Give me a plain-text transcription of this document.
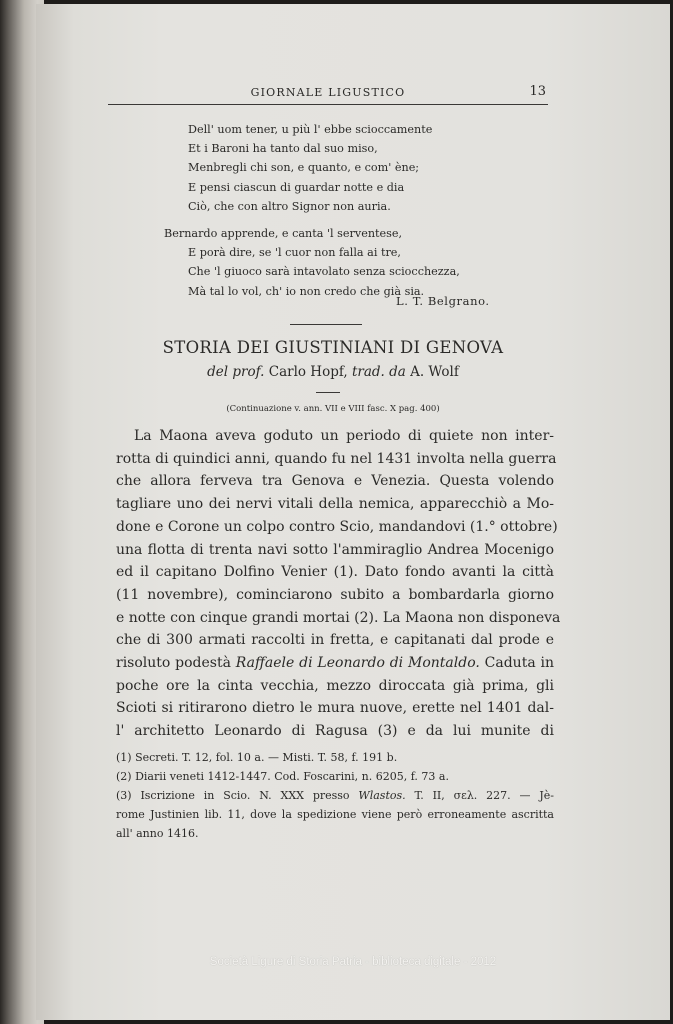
GIORNALE LIGUSTICO	13
Dell' uom tener, u più l' ebbe scioccamente
Et i Baroni ha tanto dal suo miso,
Menbregli chi son, e quanto, e com' ène;
E pensi ciascun di guardar notte e dia
Ciò, che con altro Signor non auria.
Bernardo apprende, e canta 'l serventese,
E porà dire, se 'l cuor non falla ai tre,
Che 'l giuoco sarà intavolato senza sciocchezza,
Mà tal lo vol, ch' io non credo che già sia.
L. T. Belgrano.
STORIA DEI GIUSTINIANI DI GENOVA
del prof. Carlo Hopf, trad. da A. Wolf
(Continuazione v. ann. VII e VIII fasc. X pag. 400)
La Maona aveva goduto un periodo di quiete non inter-
rotta di quindici anni, quando fu nel 1431 involta nella guerra
che allora ferveva tra Genova e Venezia. Questa volendo
tagliare uno dei nervi vitali della nemica, apparecchiò a Mo-
done e Corone un colpo contro Scio, mandandovi (1.° ottobre)
una flotta di trenta navi sotto l'ammiraglio Andrea Mocenigo
ed il capitano Dolfino Venier (1). Dato fondo avanti la città
(11 novembre), cominciarono subito a bombardarla giorno
e notte con cinque grandi mortai (2). La Maona non disponeva
che di 300 armati raccolti in fretta, e capitanati dal prode e
risoluto podestà Raffaele di Leonardo di Montaldo. Caduta in
poche ore la cinta vecchia, mezzo diroccata già prima, gli
Scioti si ritirarono dietro le mura nuove, erette nel 1401 dal-
l' architetto Leonardo di Ragusa (3) e da lui munite di
(1) Secreti. T. 12, fol. 10 a. — Misti. T. 58, f. 191 b.
(2) Diarii veneti 1412-1447. Cod. Foscarini, n. 6205, f. 73 a.
(3) Iscrizione in Scio. N. XXX presso Wlastos. T. II, σελ. 227. — Jè-
rome Justinien lib. 11, dove la spedizione viene però erroneamente ascritta
all' anno 1416.
Società Ligure di Storia Patria - biblioteca digitale - 2012
